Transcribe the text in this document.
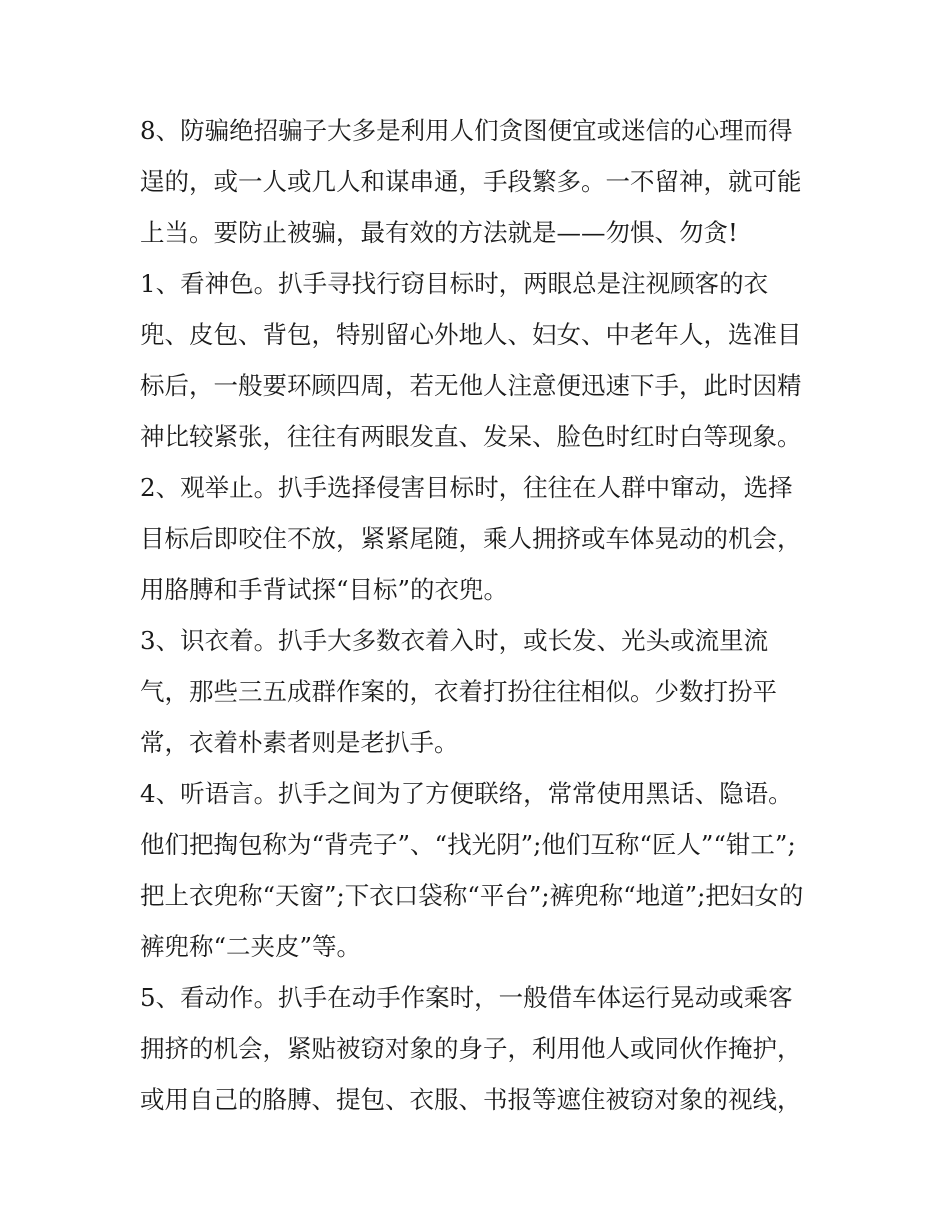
8、防骗绝招骗子大多是利用人们贪图便宜或迷信的心理而得
逞的，或一人或几人和谋串通，手段繁多。一不留神，就可能
上当。要防止被骗，最有效的方法就是——勿惧、勿贪!
1、看神色。扒手寻找行窃目标时，两眼总是注视顾客的衣
兜、皮包、背包，特别留心外地人、妇女、中老年人，选准目
标后，一般要环顾四周，若无他人注意便迅速下手，此时因精
神比较紧张，往往有两眼发直、发呆、脸色时红时白等现象。
2、观举止。扒手选择侵害目标时，往往在人群中窜动，选择
目标后即咬住不放，紧紧尾随，乘人拥挤或车体晃动的机会，
用胳膊和手背试探“目标”的衣兜。
3、识衣着。扒手大多数衣着入时，或长发、光头或流里流
气，那些三五成群作案的，衣着打扮往往相似。少数打扮平
常，衣着朴素者则是老扒手。
4、听语言。扒手之间为了方便联络，常常使用黑话、隐语。
他们把掏包称为“背壳子”、“找光阴”;他们互称“匠人”“钳工”;
把上衣兜称“天窗”;下衣口袋称“平台”;裤兜称“地道”;把妇女的
裤兜称“二夹皮”等。
5、看动作。扒手在动手作案时，一般借车体运行晃动或乘客
拥挤的机会，紧贴被窃对象的身子，利用他人或同伙作掩护，
或用自己的胳膊、提包、衣服、书报等遮住被窃对象的视线，
